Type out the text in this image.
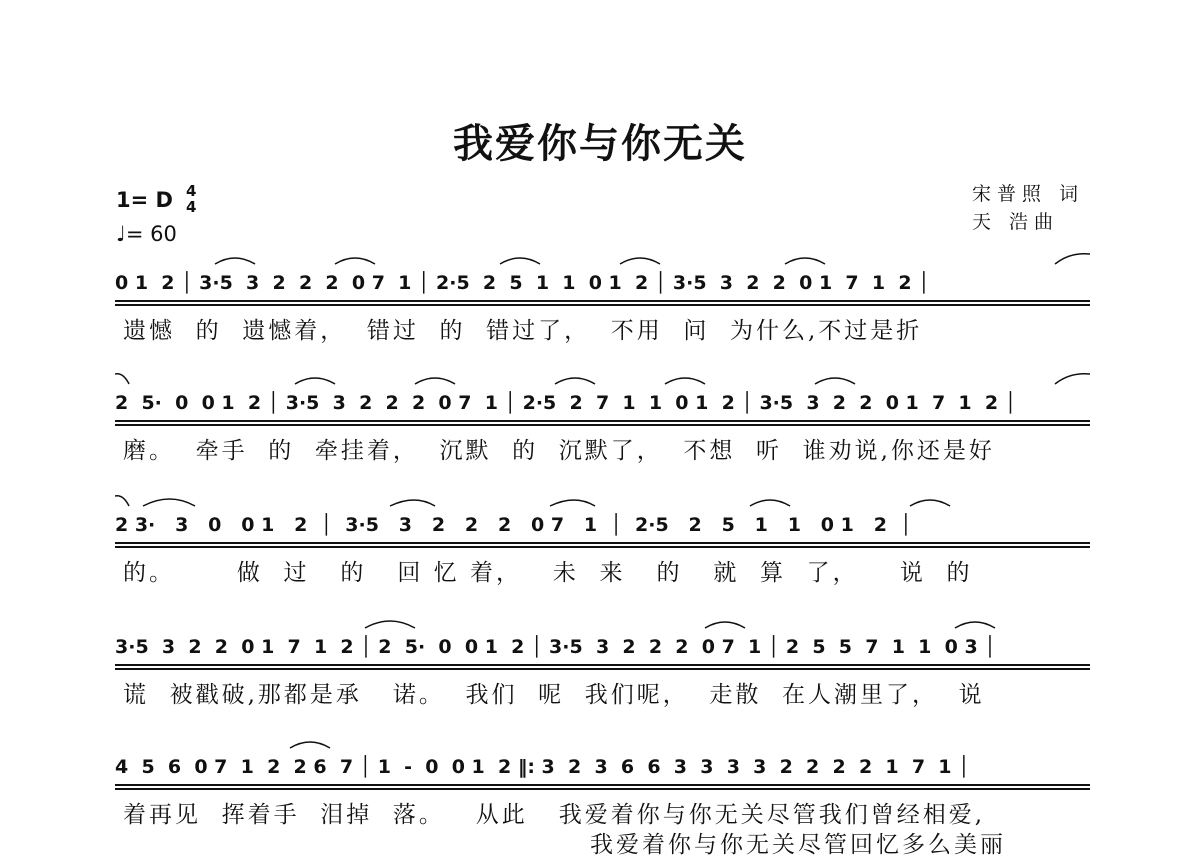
我爱你与你无关
1= D 4
4
♩= 60
宋普照 词
天 浩曲
0 1  2 │ 3·5  3  2  2  2  0 7  1 │ 2·5  2  5  1  1  0 1  2 │ 3·5  3  2  2  0 1  7  1  2 │
遗憾  的  遗憾着，  错过  的  错过了，  不用  问  为什么,不过是折
2  5·  0  0 1  2 │ 3·5  3  2  2  2  0 7  1 │ 2·5  2  7  1  1  0 1  2 │ 3·5  3  2  2  0 1  7  1  2 │
磨。  牵手  的  牵挂着，  沉默  的  沉默了，  不想  听  谁劝说,你还是好
2 3·   3   0   0 1   2  │  3·5   3   2   2   2   0 7   1  │  2·5   2   5   1   1   0 1   2  │
的。      做  过   的   回 忆 着，   未  来   的   就  算  了，    说  的
3·5  3  2  2  0 1  7  1  2 │ 2  5·  0  0 1  2 │ 3·5  3  2  2  2  0 7  1 │ 2  5  5  7  1  1  0 3 │
谎  被戳破,那都是承   诺。  我们  呢  我们呢，  走散  在人潮里了，  说
4  5  6  0 7  1  2  2 6  7 │ 1  -  0  0 1  2 ‖: 3  2  3  6  6  3  3  3  3  2  2  2  2  1  7  1 │
着再见  挥着手  泪掉  落。   从此   我爱着你与你无关尽管我们曾经相爱,
我爱着你与你无关尽管回忆多么美丽
